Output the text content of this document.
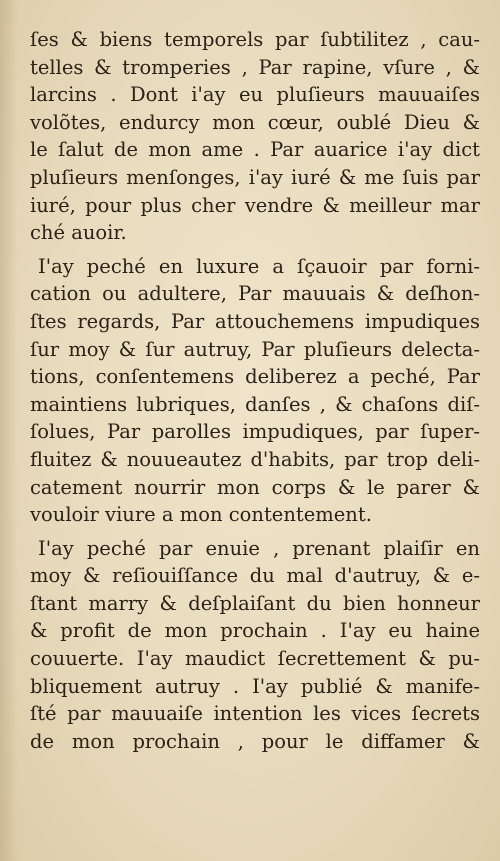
ſes & biens temporels par ſubtilitez , cau-
telles & tromperies , Par rapine, vſure , &
larcins . Dont i'ay eu pluſieurs mauuaiſes
volõtes, endurcy mon cœur, oublé Dieu &
le ſalut de mon ame . Par auarice i'ay dict
pluſieurs menſonges, i'ay iuré & me ſuis par
iuré, pour plus cher vendre & meilleur mar
ché auoir.
I'ay peché en luxure a ſçauoir par forni-
cation ou adultere, Par mauuais & deſhon-
ſtes regards, Par attouchemens impudiques
ſur moy & ſur autruy, Par pluſieurs delecta-
tions, conſentemens deliberez a peché, Par
maintiens lubriques, danſes , & chaſons diſ-
ſolues, Par parolles impudiques, par ſuper-
fluitez & nouueautez d'habits, par trop deli-
catement nourrir mon corps & le parer &
vouloir viure a mon contentement.
I'ay peché par enuie , prenant plaiſir en
moy & reſiouiſſance du mal d'autruy, & e-
ſtant marry & deſplaiſant du bien honneur
& profit de mon prochain . I'ay eu haine
couuerte. I'ay maudict ſecrettement & pu-
bliquement autruy . I'ay publié & manife-
ſté par mauuaiſe intention les vices ſecrets
de mon prochain , pour le diffamer &
